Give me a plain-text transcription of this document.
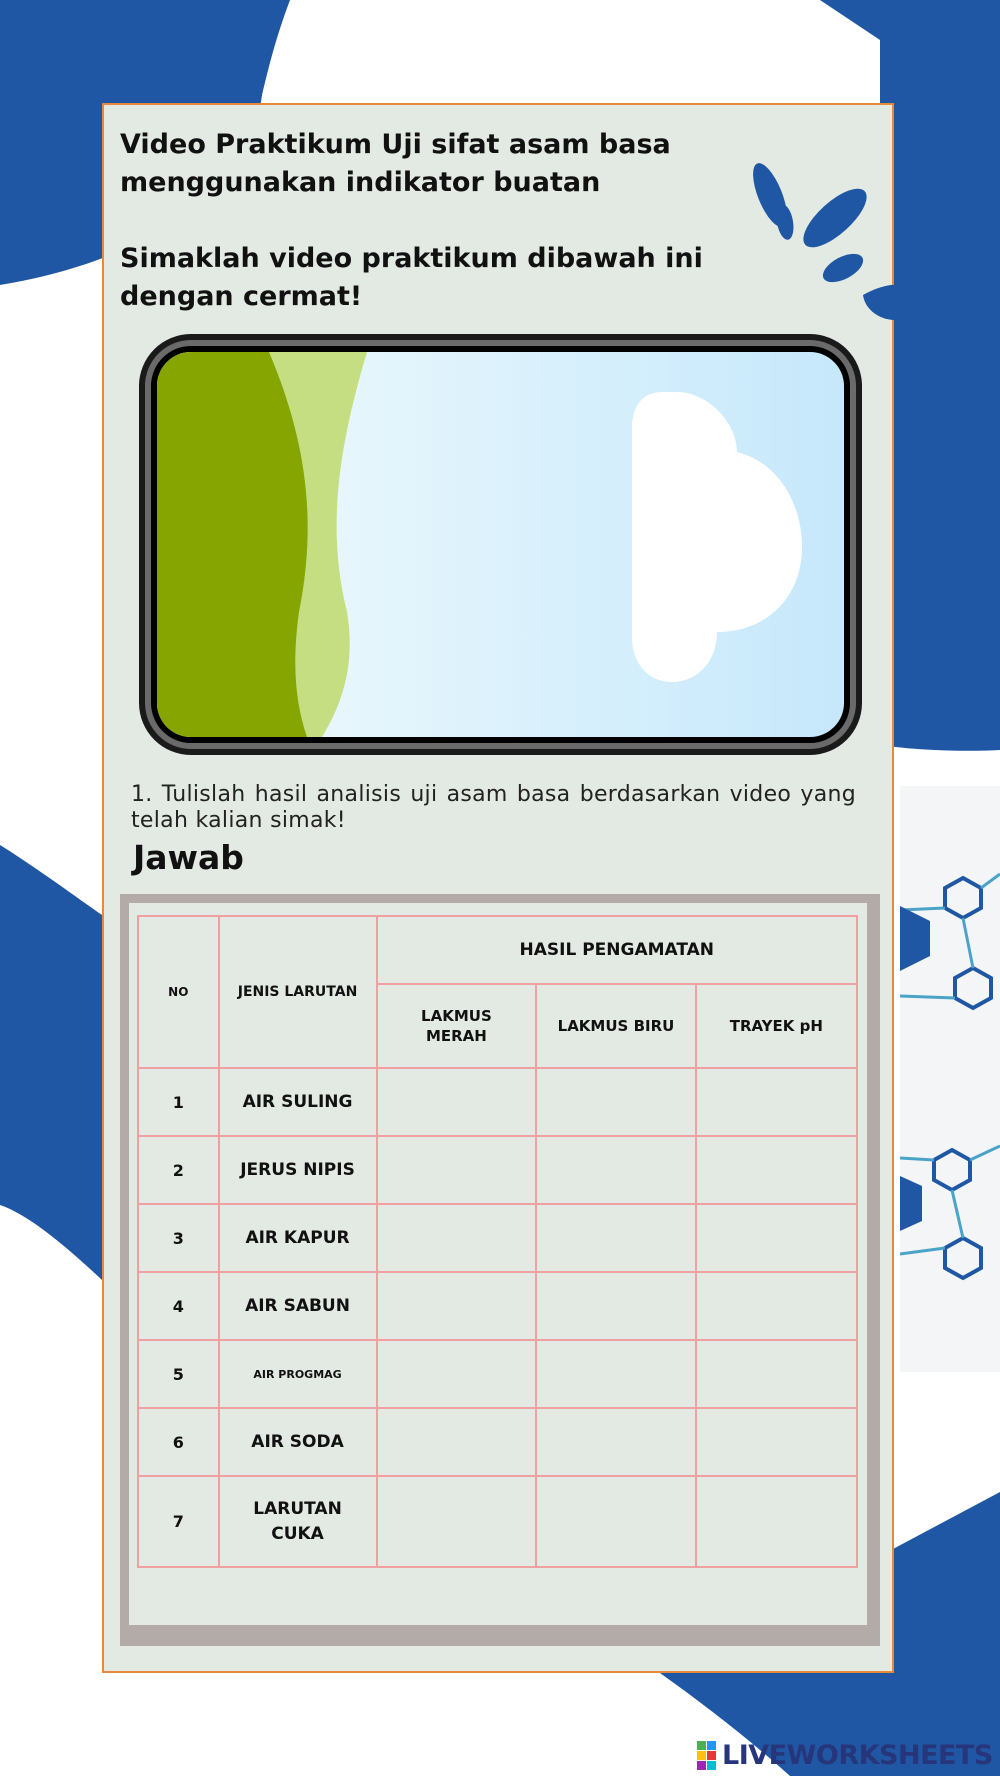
Video Praktikum Uji sifat asam basa menggunakan indikator buatan
Simaklah video praktikum dibawah ini dengan cermat!

1. Tulislah hasil analisis uji asam basa berdasarkan video yang telah kalian simak!

Jawab

NO	JENIS LARUTAN	HASIL PENGAMATAN		
		LAKMUS MERAH	LAKMUS BIRU	TRAYEK pH
1	AIR SULING			
2	JERUS NIPIS			
3	AIR KAPUR			
4	AIR SABUN			
5	AIR PROGMAG			
6	AIR SODA			
7	LARUTAN CUKA			
LIVEWORKSHEETS
